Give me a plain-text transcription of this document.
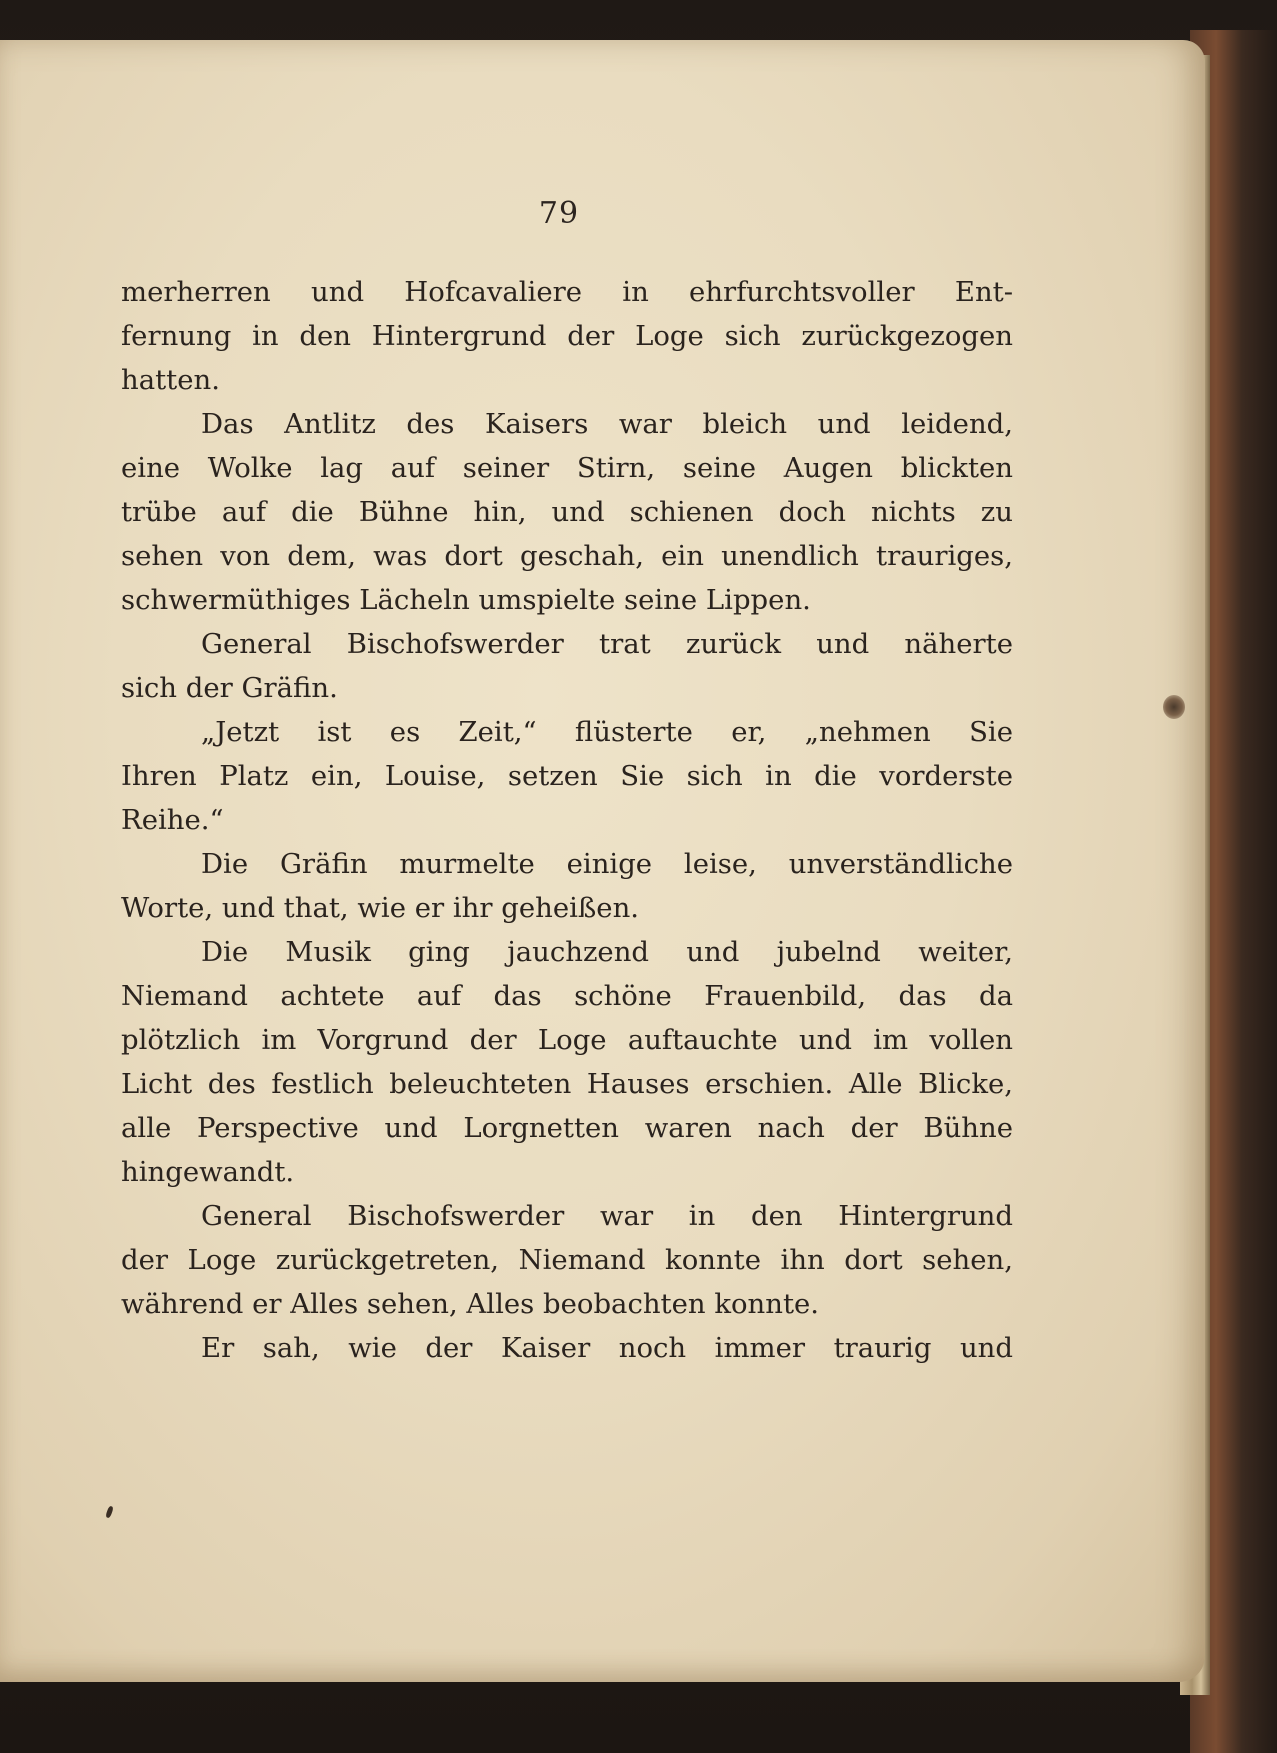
79
merherren und Hofcavaliere in ehrfurchtsvoller Ent-
fernung in den Hintergrund der Loge sich zurückgezogen
hatten.
Das Antlitz des Kaisers war bleich und leidend,
eine Wolke lag auf seiner Stirn, seine Augen blickten
trübe auf die Bühne hin, und schienen doch nichts zu
sehen von dem, was dort geschah, ein unendlich trauriges,
schwermüthiges Lächeln umspielte seine Lippen.
General Bischofswerder trat zurück und näherte
sich der Gräfin.
„Jetzt ist es Zeit,“ flüsterte er, „nehmen Sie
Ihren Platz ein, Louise, setzen Sie sich in die vorderste
Reihe.“
Die Gräfin murmelte einige leise, unverständliche
Worte, und that, wie er ihr geheißen.
Die Musik ging jauchzend und jubelnd weiter,
Niemand achtete auf das schöne Frauenbild, das da
plötzlich im Vorgrund der Loge auftauchte und im vollen
Licht des festlich beleuchteten Hauses erschien. Alle Blicke,
alle Perspective und Lorgnetten waren nach der Bühne
hingewandt.
General Bischofswerder war in den Hintergrund
der Loge zurückgetreten, Niemand konnte ihn dort sehen,
während er Alles sehen, Alles beobachten konnte.
Er sah, wie der Kaiser noch immer traurig und
